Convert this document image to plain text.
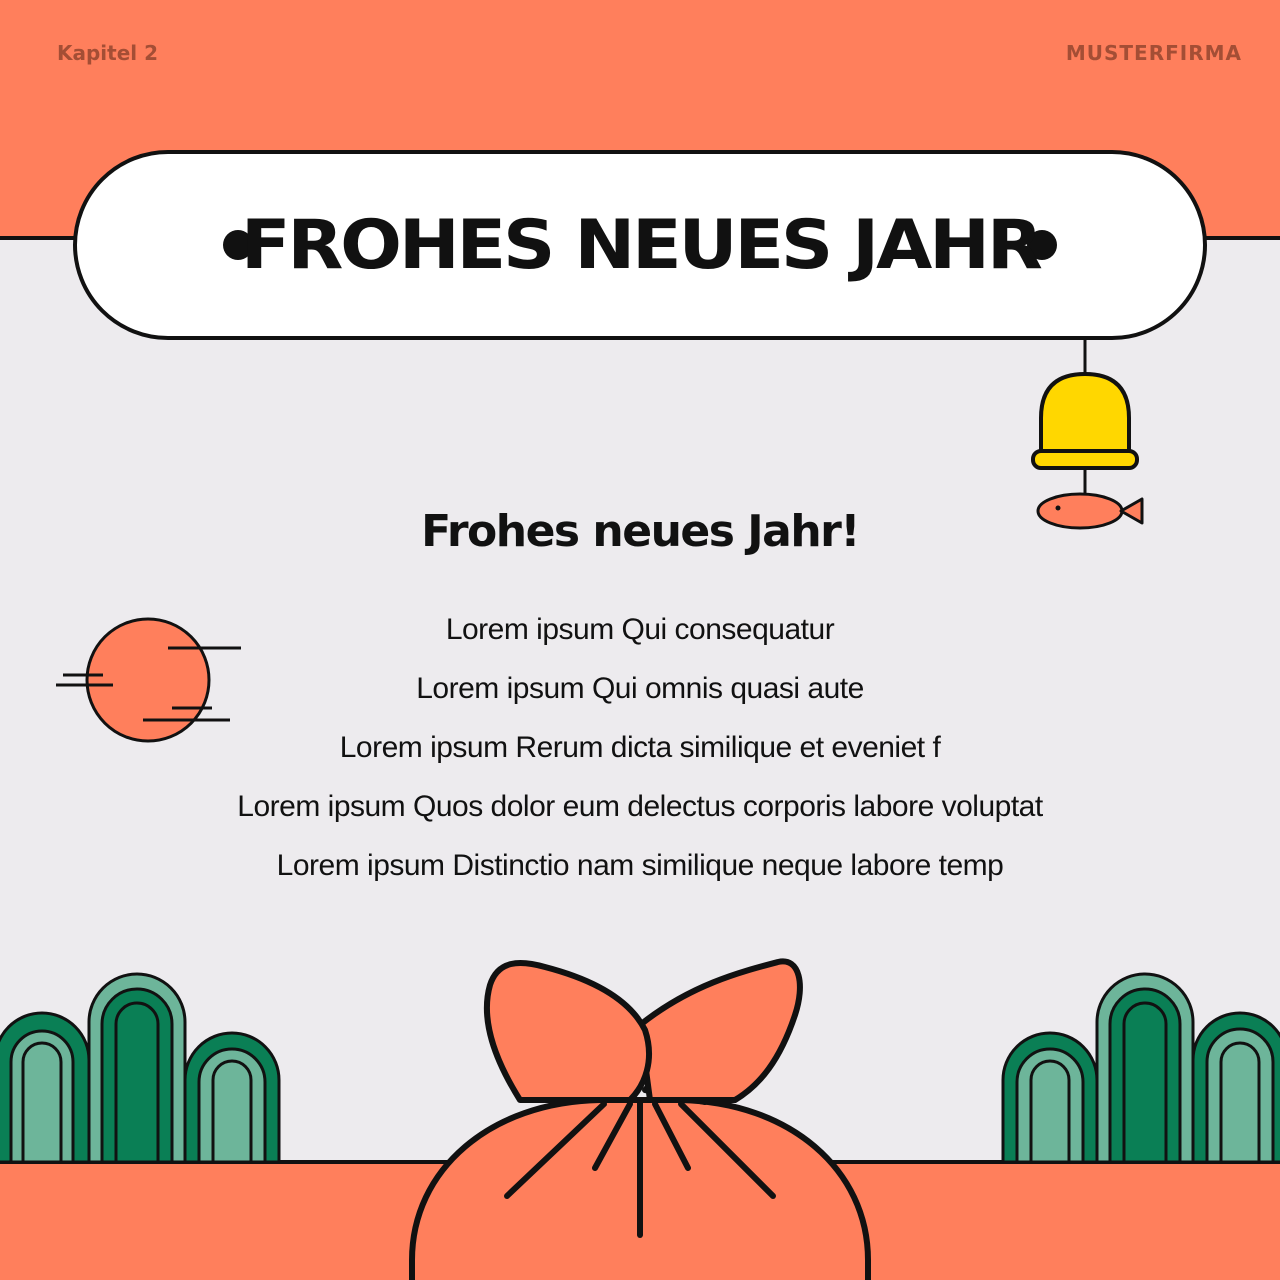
Kapitel 2	MUSTERFIRMA
FROHES NEUES JAHR
Frohes neues Jahr!
Lorem ipsum Qui consequatur
Lorem ipsum Qui omnis quasi aute
Lorem ipsum Rerum dicta similique et eveniet f
Lorem ipsum Quos dolor eum delectus corporis labore voluptat
Lorem ipsum Distinctio nam similique neque labore temp
